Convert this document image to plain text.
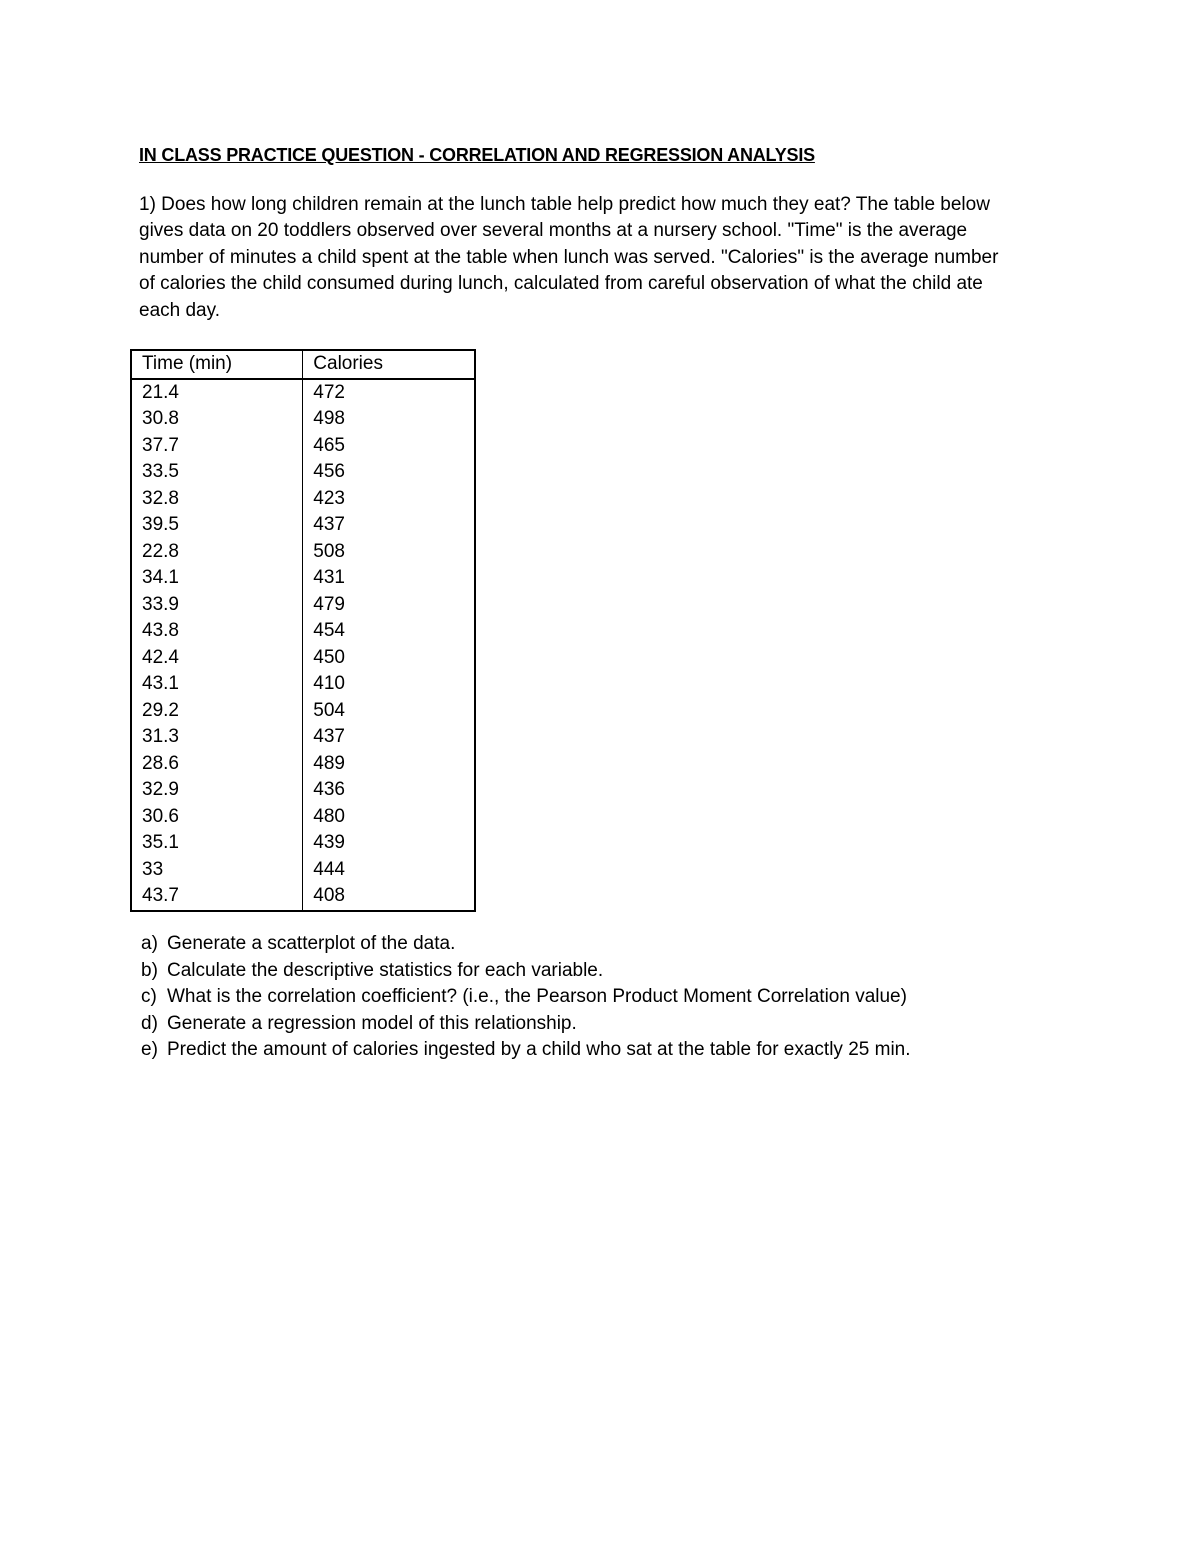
IN CLASS PRACTICE QUESTION - CORRELATION AND REGRESSION ANALYSIS
1) Does how long children remain at the lunch table help predict how much they eat? The table below
gives data on 20 toddlers observed over several months at a nursery school. "Time" is the average
number of minutes a child spent at the table when lunch was served. "Calories" is the average number
of calories the child consumed during lunch, calculated from careful observation of what the child ate
each day.
Time (min)	Calories
21.4	472
30.8	498
37.7	465
33.5	456
32.8	423
39.5	437
22.8	508
34.1	431
33.9	479
43.8	454
42.4	450
43.1	410
29.2	504
31.3	437
28.6	489
32.9	436
30.6	480
35.1	439
33	444
43.7	408
a) Generate a scatterplot of the data.
b) Calculate the descriptive statistics for each variable.
c) What is the correlation coefficient? (i.e., the Pearson Product Moment Correlation value)
d) Generate a regression model of this relationship.
e) Predict the amount of calories ingested by a child who sat at the table for exactly 25 min.
